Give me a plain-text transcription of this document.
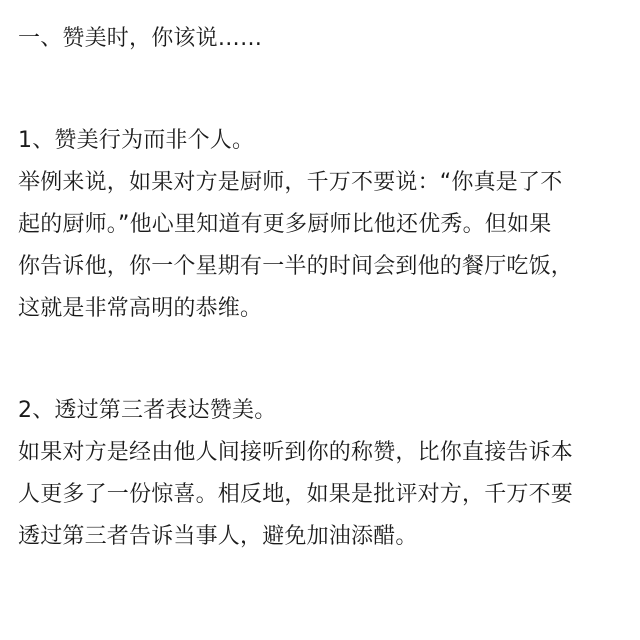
一、赞美时，你该说……
1、赞美行为而非个人。
举例来说，如果对方是厨师，千万不要说：“你真是了不
起的厨师。”他心里知道有更多厨师比他还优秀。但如果
你告诉他，你一个星期有一半的时间会到他的餐厅吃饭，
这就是非常高明的恭维。
2、透过第三者表达赞美。
如果对方是经由他人间接听到你的称赞，比你直接告诉本
人更多了一份惊喜。相反地，如果是批评对方，千万不要
透过第三者告诉当事人，避免加油添醋。
